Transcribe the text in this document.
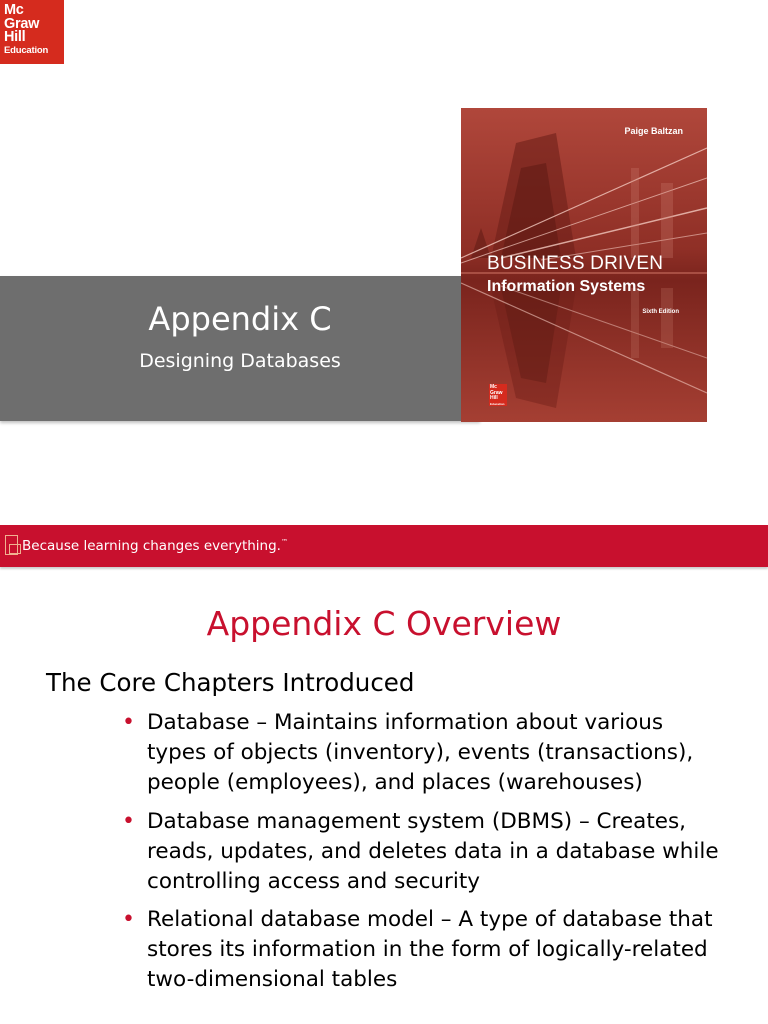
Mc
Graw
Hill
Education
Appendix C
Designing Databases
Paige Baltzan
BUSINESS DRIVEN
Information Systems
Sixth Edition
Mc
Graw
Hill
Education
Because learning changes everything.™
Appendix C Overview
The Core Chapters Introduced
• Database – Maintains information about various types of objects (inventory), events (transactions), people (employees), and places (warehouses)
• Database management system (DBMS) – Creates, reads, updates, and deletes data in a database while controlling access and security
• Relational database model – A type of database that stores its information in the form of logically-related two-dimensional tables
